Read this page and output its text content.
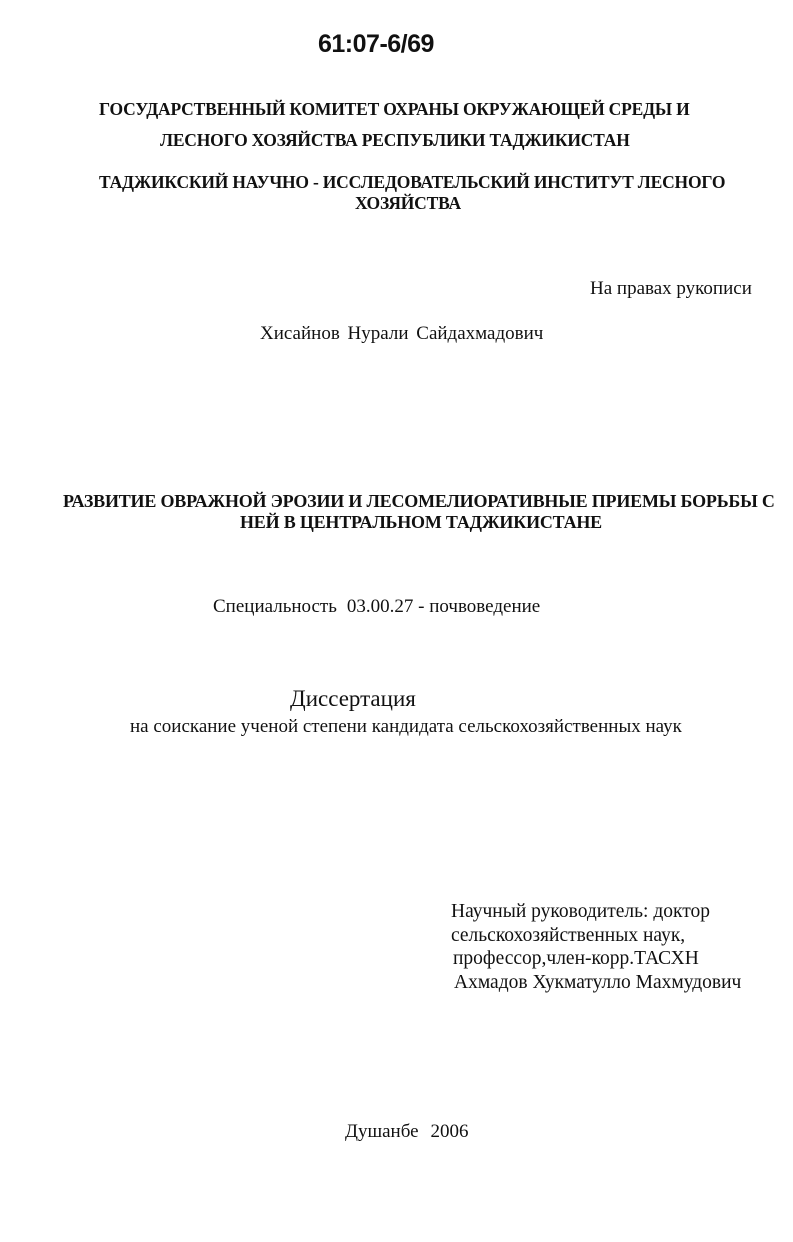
61:07-6/69
ГОСУДАРСТВЕННЫЙ КОМИТЕТ ОХРАНЫ ОКРУЖАЮЩЕЙ СРЕДЫ И
ЛЕСНОГО ХОЗЯЙСТВА РЕСПУБЛИКИ ТАДЖИКИСТАН
ТАДЖИКСКИЙ НАУЧНО - ИССЛЕДОВАТЕЛЬСКИЙ ИНСТИТУТ ЛЕСНОГО
ХОЗЯЙСТВА
На правах рукописи
Хисайнов Нурали Сайдахмадович
РАЗВИТИЕ ОВРАЖНОЙ ЭРОЗИИ И ЛЕСОМЕЛИОРАТИВНЫЕ ПРИЕМЫ БОРЬБЫ С
НЕЙ В ЦЕНТРАЛЬНОМ ТАДЖИКИСТАНЕ
Специальность 03.00.27 - почвоведение
Диссертация
на соискание ученой степени кандидата сельскохозяйственных наук
Научный руководитель: доктор
сельскохозяйственных наук,
профессор,член-корр.ТАСХН
Ахмадов Хукматулло Махмудович
Душанбе 2006
